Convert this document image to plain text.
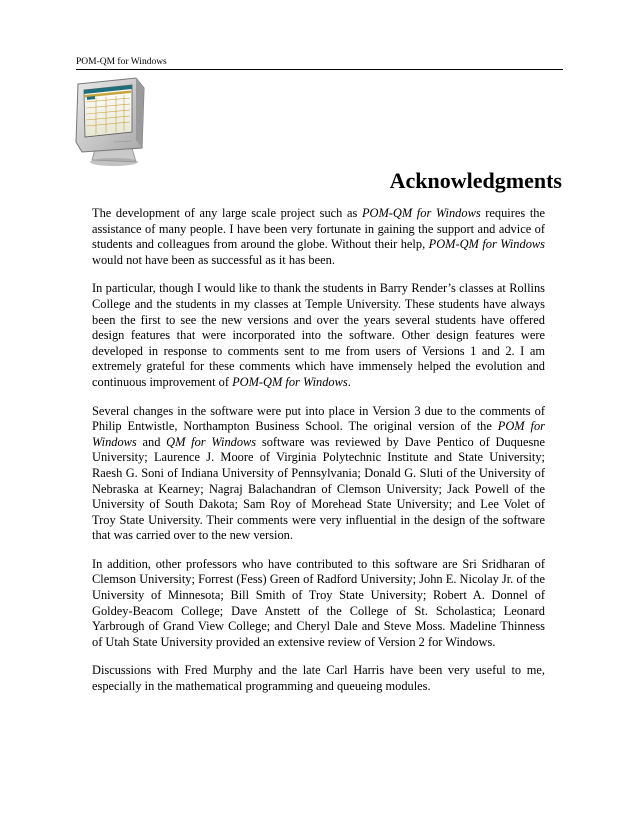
POM-QM for Windows
Acknowledgments

The development of any large scale project such as POM-QM for Windows requires the assistance of many people. I have been very fortunate in gaining the support and advice of students and colleagues from around the globe. Without their help, POM-QM for Windows would not have been as successful as it has been.

In particular, though I would like to thank the students in Barry Render’s classes at Rollins College and the students in my classes at Temple University. These students have always been the first to see the new versions and over the years several students have offered design features that were incorporated into the software. Other design features were developed in response to comments sent to me from users of Versions 1 and 2. I am extremely grateful for these comments which have immensely helped the evolution and continuous improvement of POM-QM for Windows.

Several changes in the software were put into place in Version 3 due to the comments of Philip Entwistle, Northampton Business School. The original version of the POM for Windows and QM for Windows software was reviewed by Dave Pentico of Duquesne University; Laurence J. Moore of Virginia Polytechnic Institute and State University; Raesh G. Soni of Indiana University of Pennsylvania; Donald G. Sluti of the University of Nebraska at Kearney; Nagraj Balachandran of Clemson University; Jack Powell of the University of South Dakota; Sam Roy of Morehead State University; and Lee Volet of Troy State University. Their comments were very influential in the design of the software that was carried over to the new version.

In addition, other professors who have contributed to this software are Sri Sridharan of Clemson University; Forrest (Fess) Green of Radford University; John E. Nicolay Jr. of the University of Minnesota; Bill Smith of Troy State University; Robert A. Donnel of Goldey-Beacom College; Dave Anstett of the College of St. Scholastica; Leonard Yarbrough of Grand View College; and Cheryl Dale and Steve Moss. Madeline Thinness of Utah State University provided an extensive review of Version 2 for Windows.

Discussions with Fred Murphy and the late Carl Harris have been very useful to me, especially in the mathematical programming and queueing modules.
